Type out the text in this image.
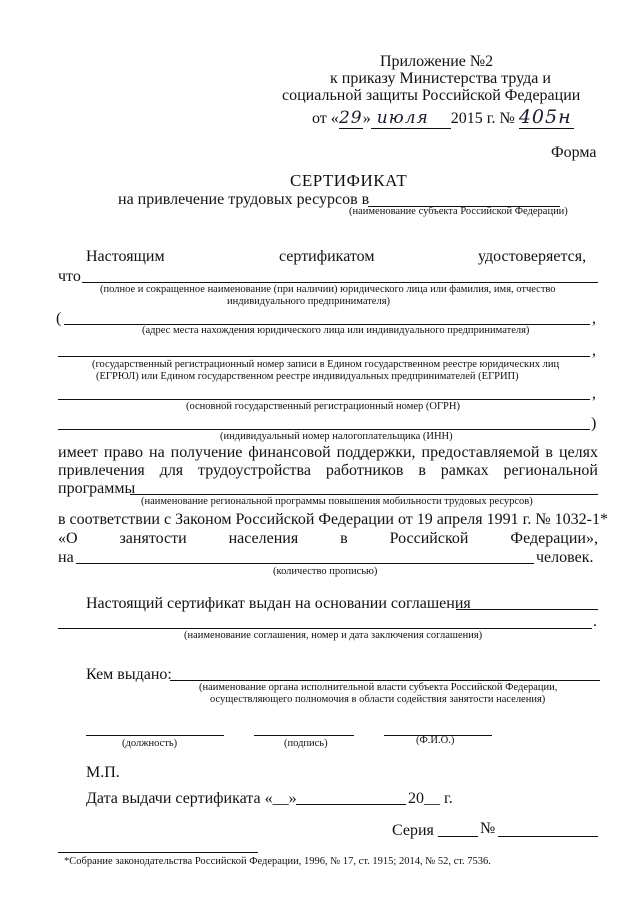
Приложение №2
к приказу Министерства труда и
социальной защиты Российской Федерации
от «29» июля 2015 г. № 405н
Форма
СЕРТИФИКАТ
на привлечение трудовых ресурсов в
(наименование субъекта Российской Федерации)
Настоящим	сертификатом	удостоверяется,
что
(полное и сокращенное наименование (при наличии) юридического лица или фамилия, имя, отчество
индивидуального предпринимателя)
(	,
(адрес места нахождения юридического лица или индивидуального предпринимателя)
,
(государственный регистрационный номер записи в Едином государственном реестре юридических лиц
(ЕГРЮЛ) или Едином государственном реестре индивидуальных предпринимателей (ЕГРИП)
,
(основной государственный регистрационный номер (ОГРН)
)
(индивидуальный номер налогоплательщика (ИНН)
имеет право на получение финансовой поддержки, предоставляемой в целях
привлечения для трудоустройства работников в рамках региональной
программы
(наименование региональной программы повышения мобильности трудовых ресурсов)
в соответствии с Законом Российской Федерации от 19 апреля 1991 г. № 1032-1*
«О занятости населения в Российской Федерации»,
на	человек.
(количество прописью)
Настоящий сертификат выдан на основании соглашения
.
(наименование соглашения, номер и дата заключения соглашения)
Кем выдано:
(наименование органа исполнительной власти субъекта Российской Федерации,
осуществляющего полномочия в области содействия занятости населения)
(должность)	(подпись)	(Ф.И.О.)
М.П.
Дата выдачи сертификата «__»	20__ г.
Серия	№
*Собрание законодательства Российской Федерации, 1996, № 17, ст. 1915; 2014, № 52, ст. 7536.
